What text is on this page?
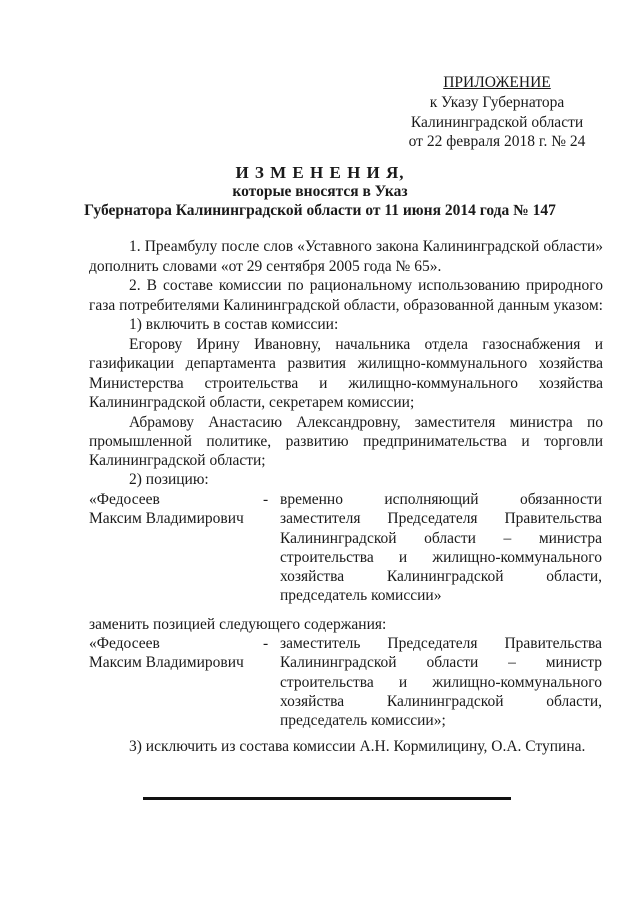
ПРИЛОЖЕНИЕ
к Указу Губернатора
Калининградской области
от 22 февраля 2018 г. № 24
И З М Е Н Е Н И Я,
которые вносятся в Указ
Губернатора Калининградской области от 11 июня 2014 года № 147
1. Преамбулу после слов «Уставного закона Калининградской области»
дополнить словами «от 29 сентября 2005 года № 65».
2. В составе комиссии по рациональному использованию природного
газа потребителями Калининградской области, образованной данным указом:
1) включить в состав комиссии:
Егорову Ирину Ивановну, начальника отдела газоснабжения и
газификации департамента развития жилищно-коммунального хозяйства
Министерства строительства и жилищно-коммунального хозяйства
Калининградской области, секретарем комиссии;
Абрамову Анастасию Александровну, заместителя министра по
промышленной политике, развитию предпринимательства и торговли
Калининградской области;
2) позицию:
«Федосеев
Максим Владимирович
- временно исполняющий обязанности
заместителя Председателя Правительства
Калининградской области – министра
строительства и жилищно-коммунального
хозяйства Калининградской области,
председатель комиссии»
заменить позицией следующего содержания:
«Федосеев
Максим Владимирович
- заместитель Председателя Правительства
Калининградской области – министр
строительства и жилищно-коммунального
хозяйства Калининградской области,
председатель комиссии»;
3) исключить из состава комиссии А.Н. Кормилицину, О.А. Ступина.
